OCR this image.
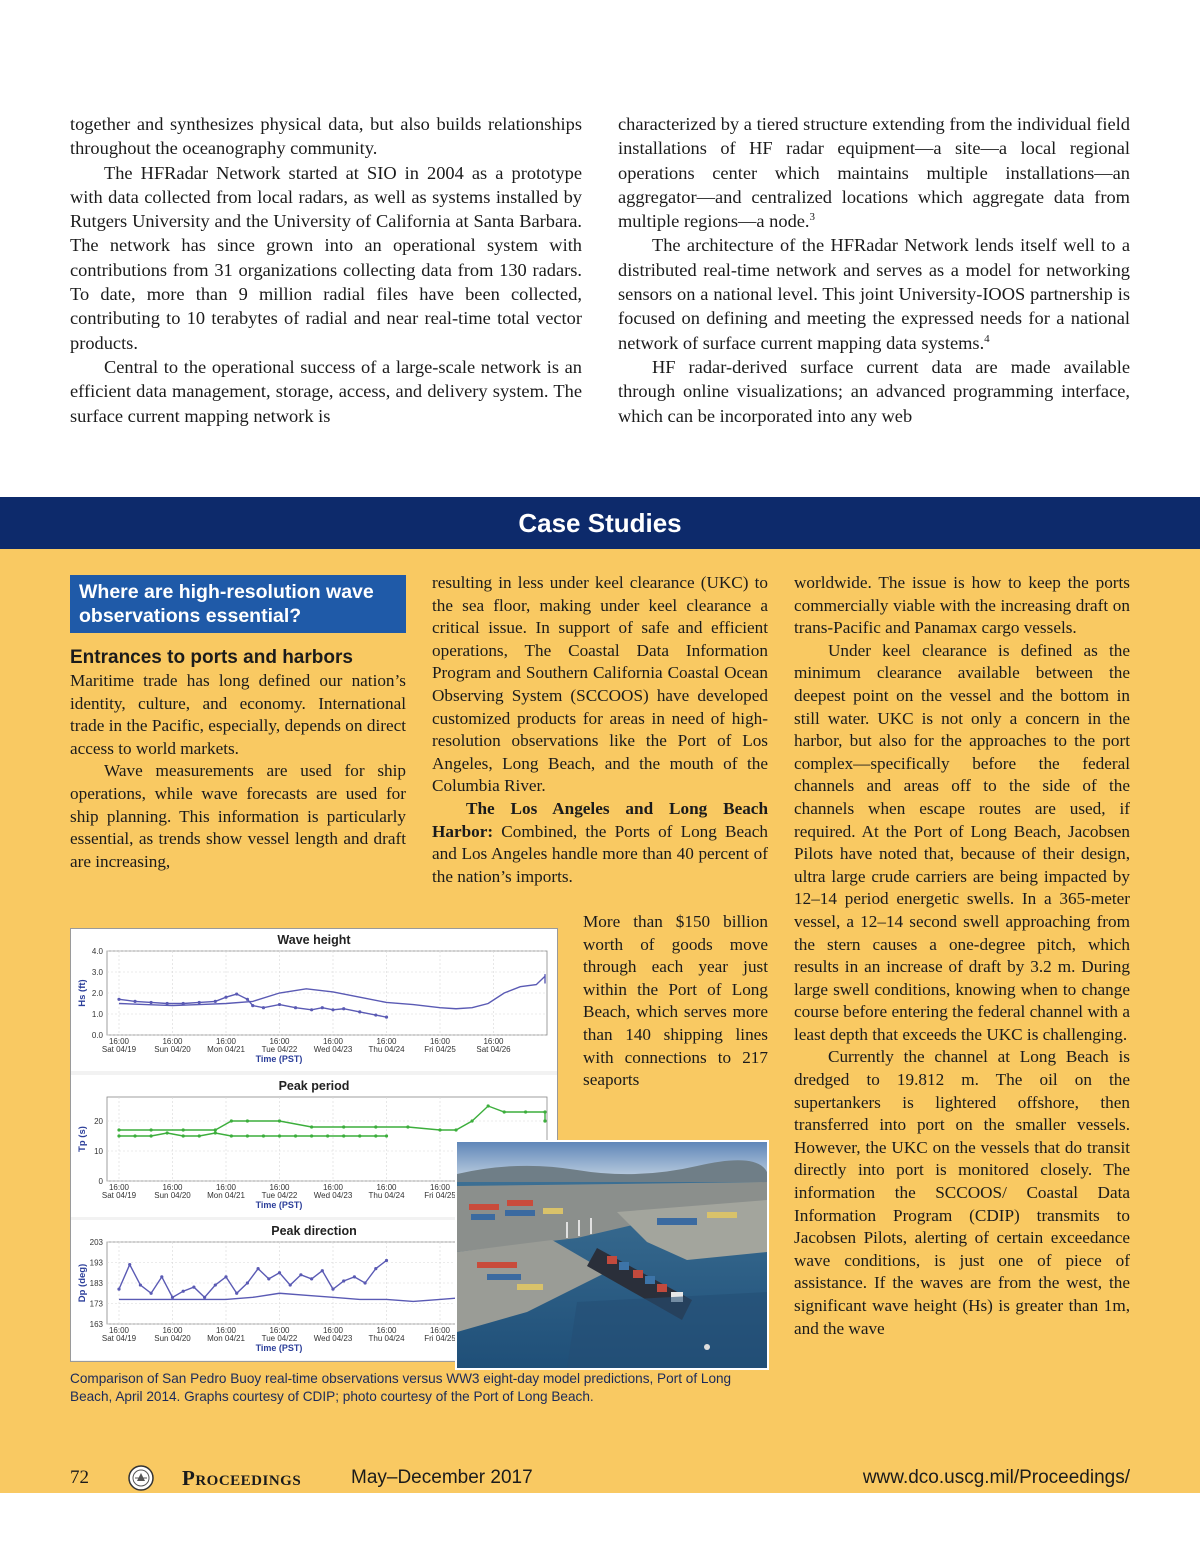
together and synthesizes physical data, but also builds relationships throughout the oceanography community.

The HFRadar Network started at SIO in 2004 as a prototype with data collected from local radars, as well as systems installed by Rutgers University and the University of California at Santa Barbara. The network has since grown into an operational system with contributions from 31 organizations collecting data from 130 radars. To date, more than 9 million radial files have been collected, contributing to 10 terabytes of radial and near real-time total vector products.

Central to the operational success of a large-scale network is an efficient data management, storage, access, and delivery system. The surface current mapping network is

characterized by a tiered structure extending from the individual field installations of HF radar equipment—a site—a local regional operations center which maintains multiple installations—an aggregator—and centralized locations which aggregate data from multiple regions—a node.$^3$

The architecture of the HFRadar Network lends itself well to a distributed real-time network and serves as a model for networking sensors on a national level. This joint University-IOOS partnership is focused on defining and meeting the expressed needs for a national network of surface current mapping data systems.$^4$

HF radar-derived surface current data are made available through online visualizations; an advanced programming interface, which can be incorporated into any web

Case Studies
Where are high-resolution wave observations essential?

Entrances to ports and harbors

Maritime trade has long defined our nation’s identity, culture, and economy. International trade in the Pacific, especially, depends on direct access to world markets.

Wave measurements are used for ship operations, while wave forecasts are used for ship planning. This information is particularly essential, as trends show vessel length and draft are increasing,

resulting in less under keel clearance (UKC) to the sea floor, making under keel clearance a critical issue. In support of safe and efficient operations, The Coastal Data Information Program and Southern California Coastal Ocean Observing System (SCCOOS) have developed customized products for areas in need of high-resolution observations like the Port of Los Angeles, Long Beach, and the mouth of the Columbia River.

The Los Angeles and Long Beach Harbor: Combined, the Ports of Long Beach and Los Angeles handle more than 40 percent of the nation’s imports.

More than $150 billion worth of goods move through each year just within the Port of Long Beach, which serves more than 140 shipping lines with connections to 217 seaports

worldwide. The issue is how to keep the ports commercially viable with the increasing draft on trans-Pacific and Panamax cargo vessels.

Under keel clearance is defined as the minimum clearance available between the deepest point on the vessel and the bottom in still water. UKC is not only a concern in the harbor, but also for the approaches to the port complex—specifically before the federal channels and areas off to the side of the channels when escape routes are used, if required. At the Port of Long Beach, Jacobsen Pilots have noted that, because of their design, ultra large crude carriers are being impacted by 12–14 period energetic swells. In a 365-meter vessel, a 12–14 second swell approaching from the stern causes a one-degree pitch, which results in an increase of draft by 3.2 m. During large swell conditions, knowing when to change course before entering the federal channel with a least depth that exceeds the UKC is challenging.

Currently the channel at Long Beach is dredged to 19.812 m. The oil on the supertankers is lightered offshore, then transferred into port on the smaller vessels. However, the UKC on the vessels that do transit directly into port is monitored closely. The information the SCCOOS/ Coastal Data Information Program (CDIP) transmits to Jacobsen Pilots, alerting of certain exceedance wave conditions, is just one of piece of assistance. If the waves are from the west, the significant wave height (Hs) is greater than 1m, and the wave

Wave height
0.0
1.0
2.0
3.0
4.0
16:00
Sat 04/19
16:00
Sun 04/20
16:00
Mon 04/21
16:00
Tue 04/22
16:00
Wed 04/23
16:00
Thu 04/24
16:00
Fri 04/25
16:00
Sat 04/26
Hs (ft)
Time (PST)
Peak period
0
10
20
16:00
Sat 04/19
16:00
Sun 04/20
16:00
Mon 04/21
16:00
Tue 04/22
16:00
Wed 04/23
16:00
Thu 04/24
16:00
Fri 04/25
Tp (s)
Time (PST)
Peak direction
163
173
183
193
203
16:00
Sat 04/19
16:00
Sun 04/20
16:00
Mon 04/21
16:00
Tue 04/22
16:00
Wed 04/23
16:00
Thu 04/24
16:00
Fri 04/25
Dp (deg)
Time (PST)

Comparison of San Pedro Buoy real-time observations versus WW3 eight-day model predictions, Port of Long Beach, April 2014. Graphs courtesy of CDIP; photo courtesy of the Port of Long Beach.

72	Proceedings	May–December 2017	www.dco.uscg.mil/Proceedings/
